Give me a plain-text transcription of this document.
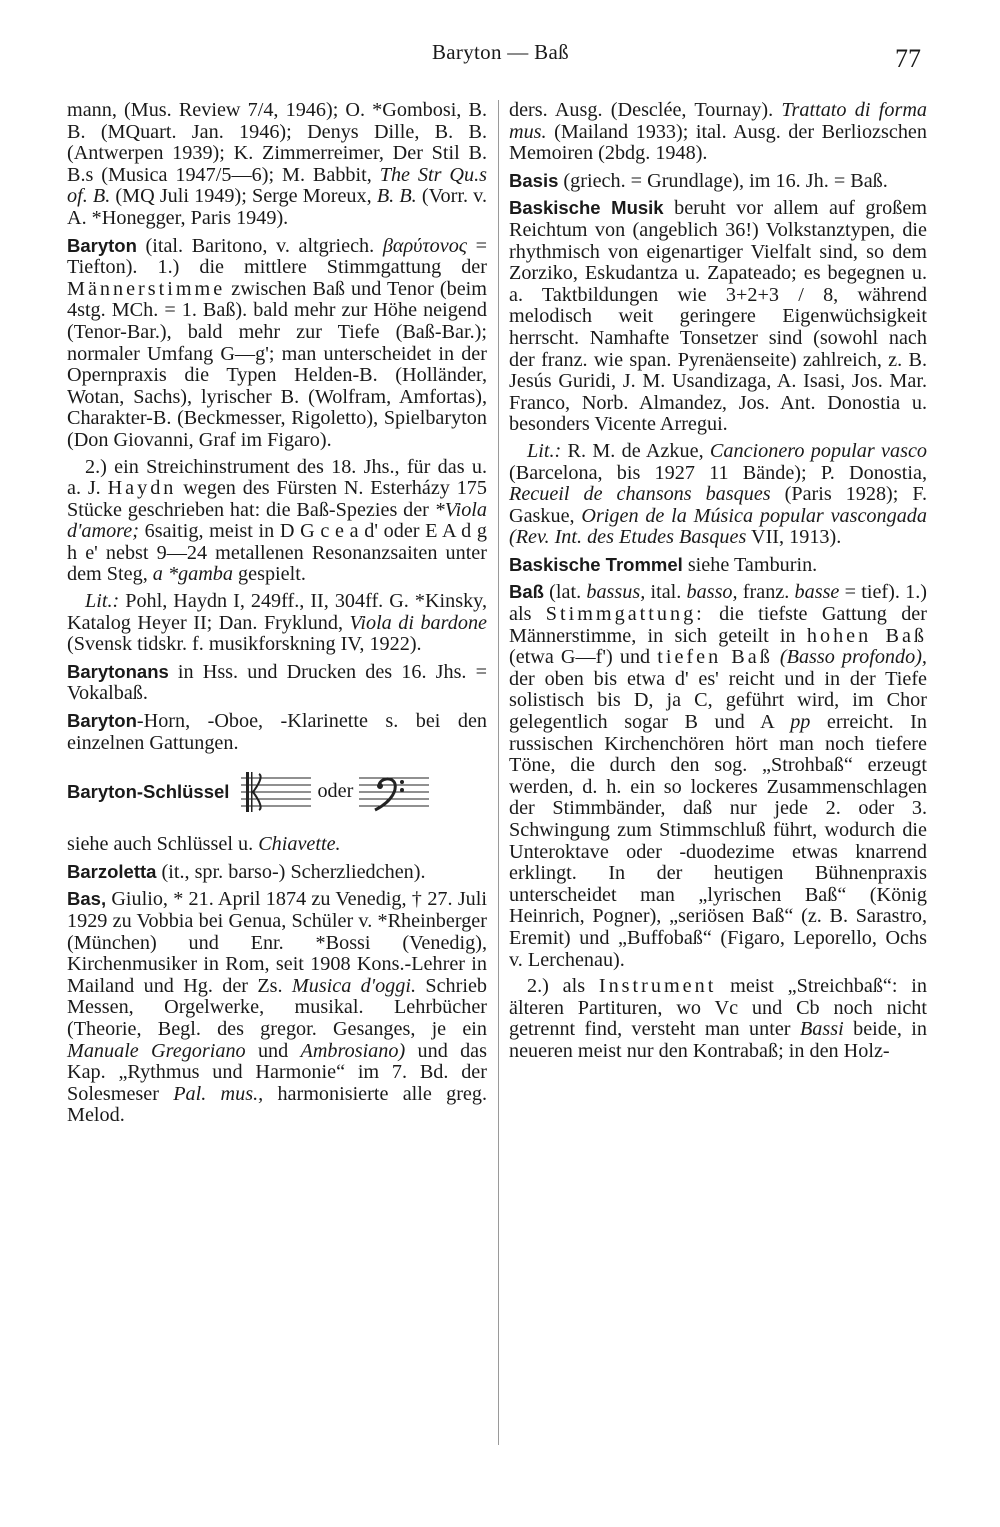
Baryton — Baß	77

mann, (Mus. Review 7/4, 1946); O. *Gombosi, B. B. (MQuart. Jan. 1946); Denys Dille, B. B. (Antwerpen 1939); K. Zimmerreimer, Der Stil B. B.s (Musica 1947/5—6); M. Babbit, The Str Qu.s of. B. (MQ Juli 1949); Serge Moreux, B. B. (Vorr. v. A. *Honegger, Paris 1949).

Baryton (ital. Baritono, v. altgriech. βαρύτονος = Tiefton). 1.) die mittlere Stimmgattung der Männerstimme zwischen Baß und Tenor (beim 4stg. MCh. = 1. Baß). bald mehr zur Höhe neigend (Tenor-Bar.), bald mehr zur Tiefe (Baß-Bar.); normaler Umfang G—g'; man unterscheidet in der Opernpraxis die Typen Helden-B. (Holländer, Wotan, Sachs), lyrischer B. (Wolfram, Amfortas), Charakter-B. (Beckmesser, Rigoletto), Spielbaryton (Don Giovanni, Graf im Figaro).

2.) ein Streichinstrument des 18. Jhs., für das u. a. J. Haydn wegen des Fürsten N. Esterházy 175 Stücke geschrieben hat: die Baß-Spezies der *Viola d'amore; 6saitig, meist in D G c e a d' oder E A d g h e' nebst 9—24 metallenen Resonanzsaiten unter dem Steg, a *gamba gespielt.

Lit.: Pohl, Haydn I, 249ff., II, 304ff. G. *Kinsky, Katalog Heyer II; Dan. Fryklund, Viola di bardone (Svensk tidskr. f. musikforskning IV, 1922).

Barytonans in Hss. und Drucken des 16. Jhs. = Vokalbaß.

Baryton-Horn, -Oboe, -Klarinette s. bei den einzelnen Gattungen.

Baryton-Schlüssel	oder

siehe auch Schlüssel u. Chiavette.

Barzoletta (it., spr. barso-) Scherzliedchen).

Bas, Giulio, * 21. April 1874 zu Venedig, † 27. Juli 1929 zu Vobbia bei Genua, Schüler v. *Rheinberger (München) und Enr. *Bossi (Venedig), Kirchenmusiker in Rom, seit 1908 Kons.-Lehrer in Mailand und Hg. der Zs. Musica d'oggi. Schrieb Messen, Orgelwerke, musikal. Lehrbücher (Theorie, Begl. des gregor. Gesanges, je ein Manuale Gregoriano und Ambrosiano) und das Kap. „Rythmus und Harmonie“ im 7. Bd. der Solesmeser Pal. mus., harmonisierte alle greg. Melod.

ders. Ausg. (Desclée, Tournay). Trattato di forma mus. (Mailand 1933); ital. Ausg. der Berliozschen Memoiren (2bdg. 1948).

Basis (griech. = Grundlage), im 16. Jh. = Baß.

Baskische Musik beruht vor allem auf großem Reichtum von (angeblich 36!) Volkstanztypen, die rhythmisch von eigenartiger Vielfalt sind, so dem Zorziko, Eskudantza u. Zapateado; es begegnen u. a. Taktbildungen wie 3+2+3 / 8, während melodisch weit geringere Eigenwüchsigkeit herrscht. Namhafte Tonsetzer sind (sowohl nach der franz. wie span. Pyrenäenseite) zahlreich, z. B. Jesús Guridi, J. M. Usandizaga, A. Isasi, Jos. Mar. Franco, Norb. Almandez, Jos. Ant. Donostia u. besonders Vicente Arregui.

Lit.: R. M. de Azkue, Cancionero popular vasco (Barcelona, bis 1927 11 Bände); P. Donostia, Recueil de chansons basques (Paris 1928); F. Gaskue, Origen de la Música popular vascongada (Rev. Int. des Etudes Basques VII, 1913).

Baskische Trommel siehe Tamburin.

Baß (lat. bassus, ital. basso, franz. basse = tief). 1.) als Stimmgattung: die tiefste Gattung der Männerstimme, in sich geteilt in hohen Baß (etwa G—f') und tiefen Baß (Basso profondo), der oben bis etwa d' es' reicht und in der Tiefe solistisch bis D, ja C, geführt wird, im Chor gelegentlich sogar B und A pp erreicht. In russischen Kirchenchören hört man noch tiefere Töne, die durch den sog. „Strohbaß“ erzeugt werden, d. h. ein so lockeres Zusammenschlagen der Stimmbänder, daß nur jede 2. oder 3. Schwingung zum Stimmschluß führt, wodurch die Unteroktave oder -duodezime etwas knarrend erklingt. In der heutigen Bühnenpraxis unterscheidet man „lyrischen Baß“ (König Heinrich, Pogner), „seriösen Baß“ (z. B. Sarastro, Eremit) und „Buffobaß“ (Figaro, Leporello, Ochs v. Lerchenau).

2.) als Instrument meist „Streichbaß“: in älteren Partituren, wo Vc und Cb noch nicht getrennt find, versteht man unter Bassi beide, in neueren meist nur den Kontrabaß; in den Holz-
